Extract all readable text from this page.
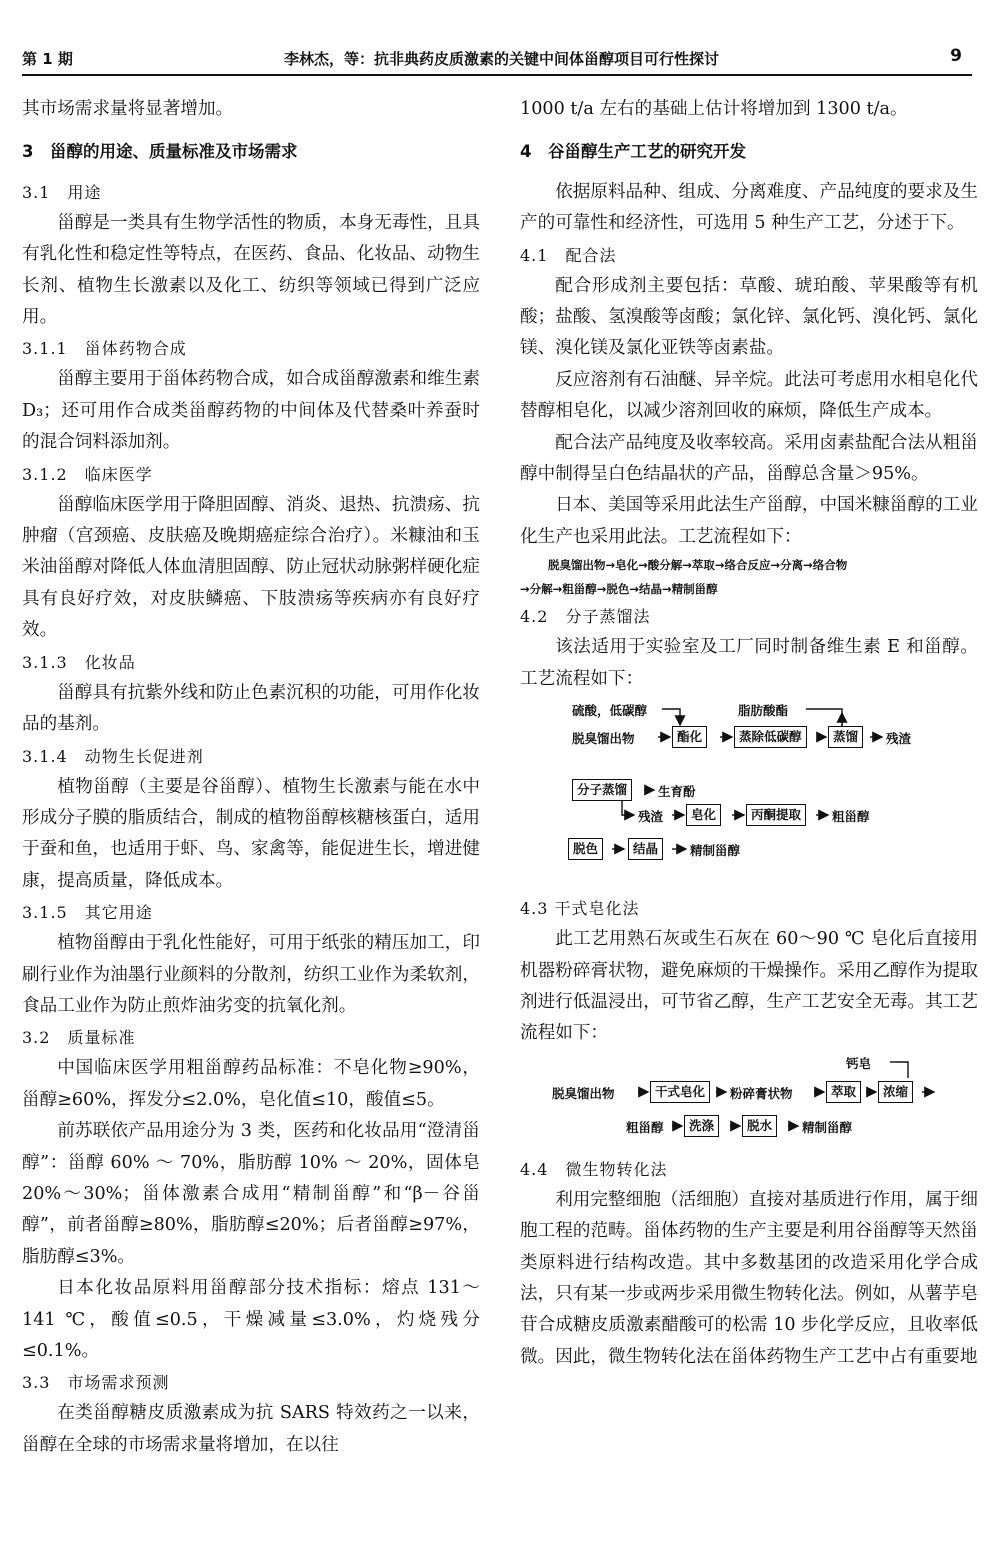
第 1 期	李林杰，等：抗非典药皮质激素的关键中间体甾醇项目可行性探讨	9

其市场需求量将显著增加。

3　甾醇的用途、质量标准及市场需求
3.1　用途

甾醇是一类具有生物学活性的物质，本身无毒性，且具有乳化性和稳定性等特点，在医药、食品、化妆品、动物生长剂、植物生长激素以及化工、纺织等领域已得到广泛应用。

3.1.1　甾体药物合成

甾醇主要用于甾体药物合成，如合成甾醇激素和维生素 D₃；还可用作合成类甾醇药物的中间体及代替桑叶养蚕时的混合饲料添加剂。

3.1.2　临床医学

甾醇临床医学用于降胆固醇、消炎、退热、抗溃疡、抗肿瘤（宫颈癌、皮肤癌及晚期癌症综合治疗）。米糠油和玉米油甾醇对降低人体血清胆固醇、防止冠状动脉粥样硬化症具有良好疗效，对皮肤鳞癌、下肢溃疡等疾病亦有良好疗效。

3.1.3　化妆品

甾醇具有抗紫外线和防止色素沉积的功能，可用作化妆品的基剂。

3.1.4　动物生长促进剂

植物甾醇（主要是谷甾醇）、植物生长激素与能在水中形成分子膜的脂质结合，制成的植物甾醇核糖核蛋白，适用于蚕和鱼，也适用于虾、鸟、家禽等，能促进生长，增进健康，提高质量，降低成本。

3.1.5　其它用途

植物甾醇由于乳化性能好，可用于纸张的精压加工，印刷行业作为油墨行业颜料的分散剂，纺织工业作为柔软剂，食品工业作为防止煎炸油劣变的抗氧化剂。

3.2　质量标准

中国临床医学用粗甾醇药品标准：不皂化物≥90%，甾醇≥60%，挥发分≤2.0%，皂化值≤10，酸值≤5。

前苏联依产品用途分为 3 类，医药和化妆品用“澄清甾醇”：甾醇 60% ～ 70%，脂肪醇 10% ～ 20%，固体皂 20%～30%；甾体激素合成用“精制甾醇”和“β－谷甾醇”，前者甾醇≥80%，脂肪醇≤20%；后者甾醇≥97%，脂肪醇≤3%。

日本化妆品原料用甾醇部分技术指标：熔点 131～141 ℃，酸值≤0.5，干燥减量≤3.0%，灼烧残分≤0.1%。

3.3　市场需求预测

在类甾醇糖皮质激素成为抗 SARS 特效药之一以来，甾醇在全球的市场需求量将增加，在以往

1000 t/a 左右的基础上估计将增加到 1300 t/a。

4　谷甾醇生产工艺的研究开发

依据原料品种、组成、分离难度、产品纯度的要求及生产的可靠性和经济性，可选用 5 种生产工艺，分述于下。

4.1　配合法

配合形成剂主要包括：草酸、琥珀酸、苹果酸等有机酸；盐酸、氢溴酸等卤酸；氯化锌、氯化钙、溴化钙、氯化镁、溴化镁及氯化亚铁等卤素盐。

反应溶剂有石油醚、异辛烷。此法可考虑用水相皂化代替醇相皂化，以减少溶剂回收的麻烦，降低生产成本。

配合法产品纯度及收率较高。采用卤素盐配合法从粗甾醇中制得呈白色结晶状的产品，甾醇总含量＞95%。

日本、美国等采用此法生产甾醇，中国米糠甾醇的工业化生产也采用此法。工艺流程如下：

脱臭馏出物→皂化→酸分解→萃取→络合反应→分离→络合物
→分解→粗甾醇→脱色→结晶→精制甾醇
4.2　分子蒸馏法

该法适用于实验室及工厂同时制备维生素 E 和甾醇。工艺流程如下：

硫酸，低碳醇	脂肪酸酯
脱臭馏出物	酯化	蒸除低碳醇	蒸馏	残渣
分子蒸馏	生育酚
残渣	皂化	丙酮提取	粗甾醇
脱色	结晶	精制甾醇
4.3 干式皂化法

此工艺用熟石灰或生石灰在 60～90 ℃ 皂化后直接用机器粉碎膏状物，避免麻烦的干燥操作。采用乙醇作为提取剂进行低温浸出，可节省乙醇，生产工艺安全无毒。其工艺流程如下：

钙皂
脱臭馏出物	干式皂化	粉碎膏状物	萃取	浓缩
粗甾醇	洗涤	脱水	精制甾醇
4.4　微生物转化法

利用完整细胞（活细胞）直接对基质进行作用，属于细胞工程的范畴。甾体药物的生产主要是利用谷甾醇等天然甾类原料进行结构改造。其中多数基团的改造采用化学合成法，只有某一步或两步采用微生物转化法。例如，从薯芋皂苷合成糖皮质激素醋酸可的松需 10 步化学反应，且收率低微。因此，微生物转化法在甾体药物生产工艺中占有重要地
